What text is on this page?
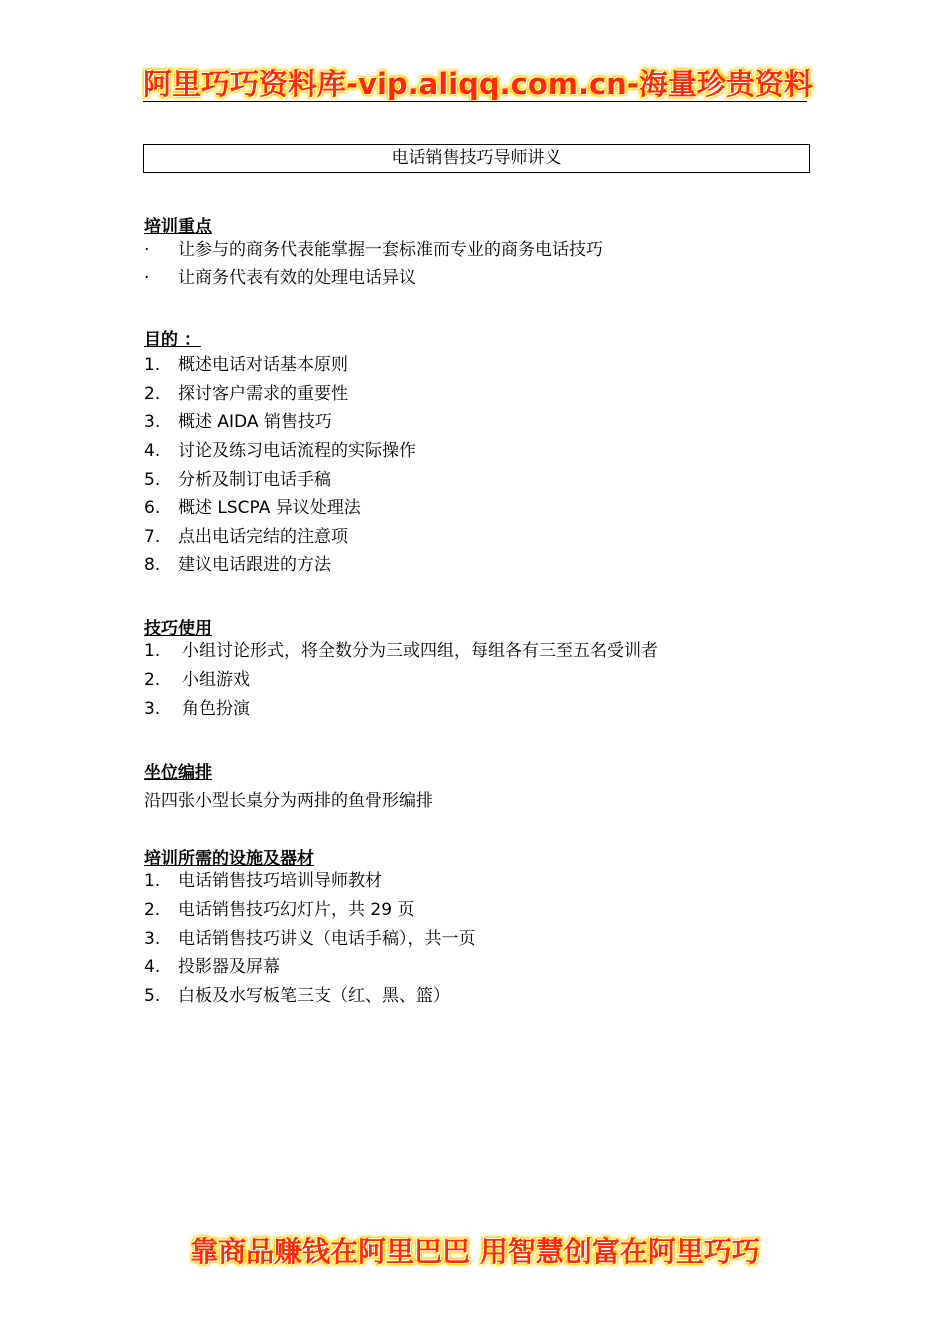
阿里巧巧资料库-vip.aliqq.com.cn-海量珍贵资料
电话销售技巧导师讲义
培训重点
· 让参与的商务代表能掌握一套标准而专业的商务电话技巧
· 让商务代表有效的处理电话异议
目的 ：
1. 概述电话对话基本原则
2. 探讨客户需求的重要性
3. 概述 AIDA 销售技巧
4. 讨论及练习电话流程的实际操作
5. 分析及制订电话手稿
6. 概述 LSCPA 异议处理法
7. 点出电话完结的注意项
8. 建议电话跟进的方法
技巧使用
1. 小组讨论形式，将全数分为三或四组，每组各有三至五名受训者
2. 小组游戏
3. 角色扮演
坐位编排
沿四张小型长桌分为两排的鱼骨形编排
培训所需的设施及器材
1. 电话销售技巧培训导师教材
2. 电话销售技巧幻灯片，共 29 页
3. 电话销售技巧讲义（电话手稿），共一页
4. 投影器及屏幕
5. 白板及水写板笔三支（红、黑、篮）
靠商品赚钱在阿里巴巴 用智慧创富在阿里巧巧
